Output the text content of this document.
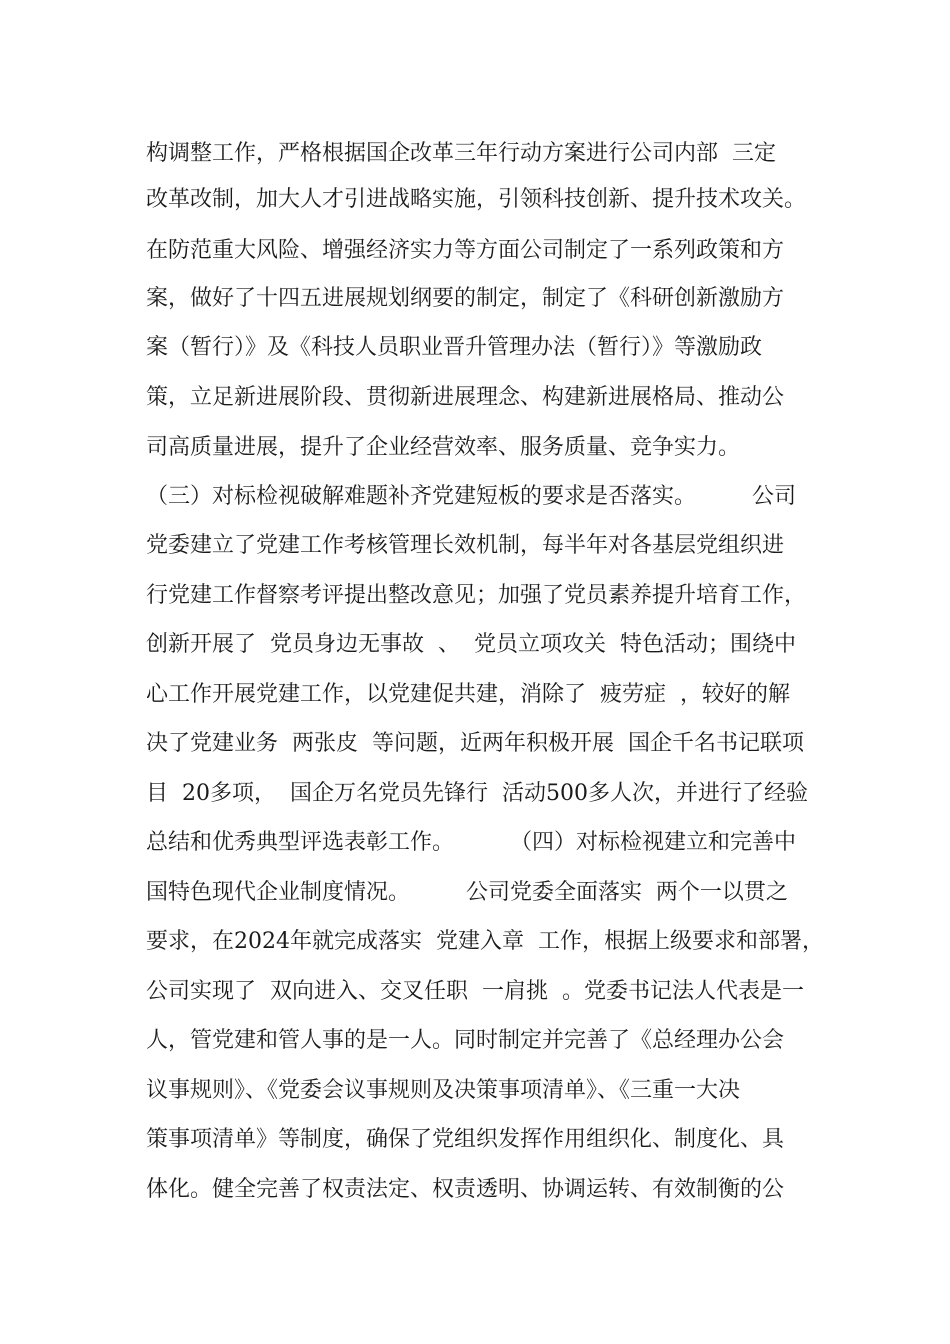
构调整工作，严格根据国企改革三年行动方案进行公司内部  三定
改革改制，加大人才引进战略实施，引领科技创新、提升技术攻关。
在防范重大风险、增强经济实力等方面公司制定了一系列政策和方
案，做好了十四五进展规划纲要的制定，制定了《科研创新激励方
案（暂行）》及《科技人员职业晋升管理办法（暂行）》等激励政
策，立足新进展阶段、贯彻新进展理念、构建新进展格局、推动公
司高质量进展，提升了企业经营效率、服务质量、竞争实力。
（三）对标检视破解难题补齐党建短板的要求是否落实。        公司
党委建立了党建工作考核管理长效机制，每半年对各基层党组织进
行党建工作督察考评提出整改意见；加强了党员素养提升培育工作，
创新开展了  党员身边无事故  、  党员立项攻关  特色活动；围绕中
心工作开展党建工作，以党建促共建，消除了  疲劳症  ，较好的解
决了党建业务  两张皮  等问题，近两年积极开展  国企千名书记联项
目  20多项，  国企万名党员先锋行  活动500多人次，并进行了经验
总结和优秀典型评选表彰工作。        （四）对标检视建立和完善中
国特色现代企业制度情况。        公司党委全面落实  两个一以贯之
要求，在2024年就完成落实  党建入章  工作，根据上级要求和部署，
公司实现了  双向进入、交叉任职  一肩挑  。党委书记法人代表是一
人，管党建和管人事的是一人。同时制定并完善了《总经理办公会
议事规则》、《党委会议事规则及决策事项清单》、《三重一大决
策事项清单》等制度，确保了党组织发挥作用组织化、制度化、具
体化。健全完善了权责法定、权责透明、协调运转、有效制衡的公
